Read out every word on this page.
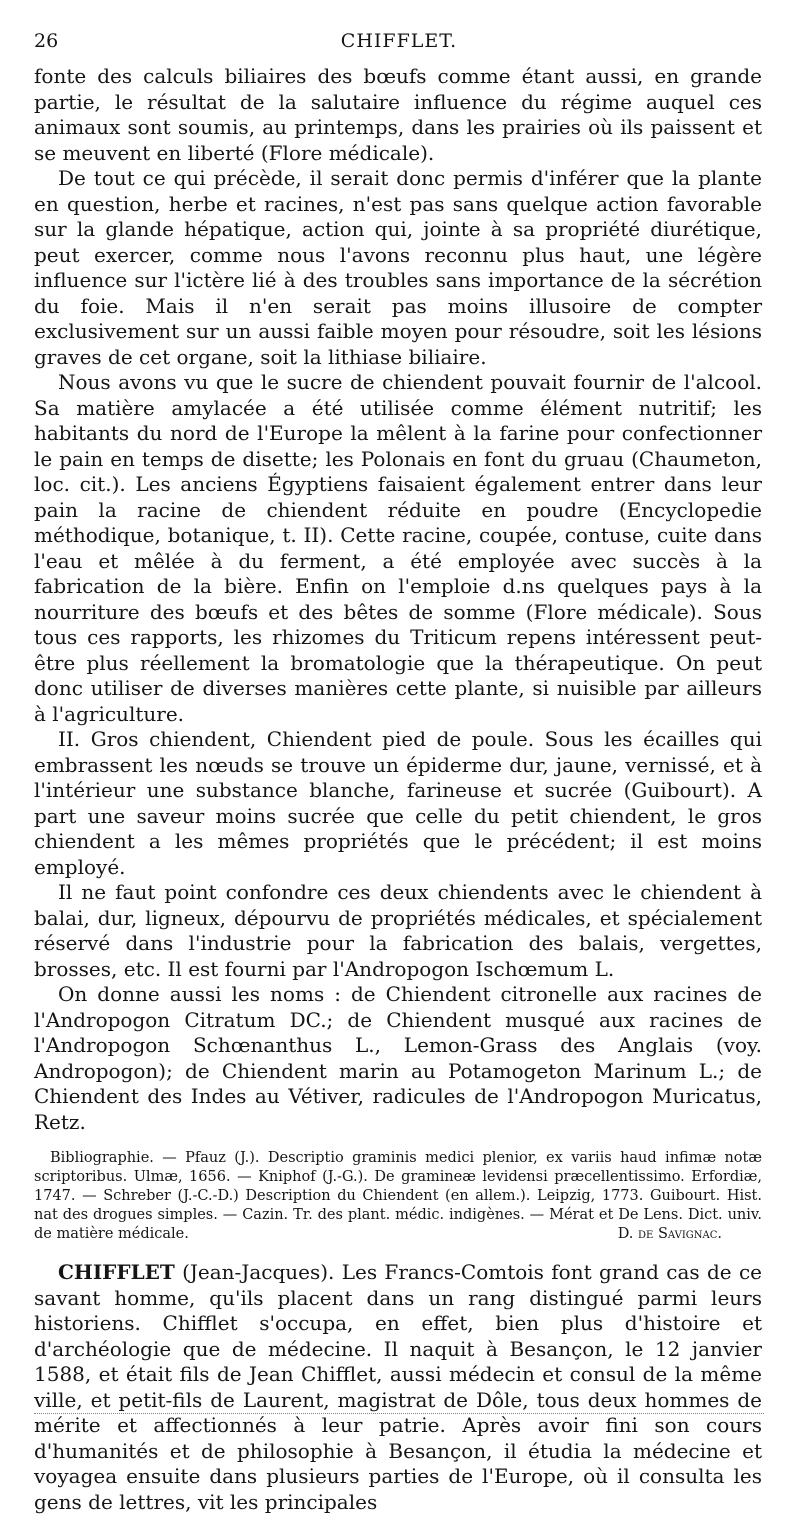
26	CHIFFLET.

fonte des calculs biliaires des bœufs comme étant aussi, en grande partie, le résultat de la salutaire influence du régime auquel ces animaux sont soumis, au printemps, dans les prairies où ils paissent et se meuvent en liberté (Flore médicale).

De tout ce qui précède, il serait donc permis d'inférer que la plante en question, herbe et racines, n'est pas sans quelque action favorable sur la glande hépatique, action qui, jointe à sa propriété diurétique, peut exercer, comme nous l'avons reconnu plus haut, une légère influence sur l'ictère lié à des troubles sans importance de la sécrétion du foie. Mais il n'en serait pas moins illusoire de compter exclusivement sur un aussi faible moyen pour résoudre, soit les lésions graves de cet organe, soit la lithiase biliaire.

Nous avons vu que le sucre de chiendent pouvait fournir de l'alcool. Sa matière amylacée a été utilisée comme élément nutritif; les habitants du nord de l'Europe la mêlent à la farine pour confectionner le pain en temps de disette; les Polonais en font du gruau (Chaumeton, loc. cit.). Les anciens Égyptiens faisaient également entrer dans leur pain la racine de chiendent réduite en poudre (Encyclopedie méthodique, botanique, t. II). Cette racine, coupée, contuse, cuite dans l'eau et mêlée à du ferment, a été employée avec succès à la fabrication de la bière. Enfin on l'emploie d.ns quelques pays à la nourriture des bœufs et des bêtes de somme (Flore médicale). Sous tous ces rapports, les rhizomes du Triticum repens intéressent peut-être plus réellement la bromatologie que la thérapeutique. On peut donc utiliser de diverses manières cette plante, si nuisible par ailleurs à l'agriculture.

II. Gros chiendent, Chiendent pied de poule. Sous les écailles qui embrassent les nœuds se trouve un épiderme dur, jaune, vernissé, et à l'intérieur une substance blanche, farineuse et sucrée (Guibourt). A part une saveur moins sucrée que celle du petit chiendent, le gros chiendent a les mêmes propriétés que le précédent; il est moins employé.

Il ne faut point confondre ces deux chiendents avec le chiendent à balai, dur, ligneux, dépourvu de propriétés médicales, et spécialement réservé dans l'industrie pour la fabrication des balais, vergettes, brosses, etc. Il est fourni par l'Andropogon Ischœmum L.

On donne aussi les noms : de Chiendent citronelle aux racines de l'Andropogon Citratum DC.; de Chiendent musqué aux racines de l'Andropogon Schœnanthus L., Lemon-Grass des Anglais (voy. Andropogon); de Chiendent marin au Potamogeton Marinum L.; de Chiendent des Indes au Vétiver, radicules de l'Andropogon Muricatus, Retz.

Bibliographie. — Pfauz (J.). Descriptio graminis medici plenior, ex variis haud infimæ notæ scriptoribus. Ulmæ, 1656. — Kniphof (J.-G.). De gramineæ levidensi præcellentissimo. Erfordiæ, 1747. — Schreber (J.-C.-D.) Description du Chiendent (en allem.). Leipzig, 1773. Guibourt. Hist. nat des drogues simples. — Cazin. Tr. des plant. médic. indigènes. — Mérat et De Lens. Dict. univ. de matière médicale.	D. de Savignac.

CHIFFLET (Jean-Jacques). Les Francs-Comtois font grand cas de ce savant homme, qu'ils placent dans un rang distingué parmi leurs historiens. Chifflet s'occupa, en effet, bien plus d'histoire et d'archéologie que de médecine. Il naquit à Besançon, le 12 janvier 1588, et était fils de Jean Chifflet, aussi médecin et consul de la même ville, et petit-fils de Laurent, magistrat de Dôle, tous deux hommes de mérite et affectionnés à leur patrie. Après avoir fini son cours d'humanités et de philosophie à Besançon, il étudia la médecine et voyagea ensuite dans plusieurs parties de l'Europe, où il consulta les gens de lettres, vit les principales
